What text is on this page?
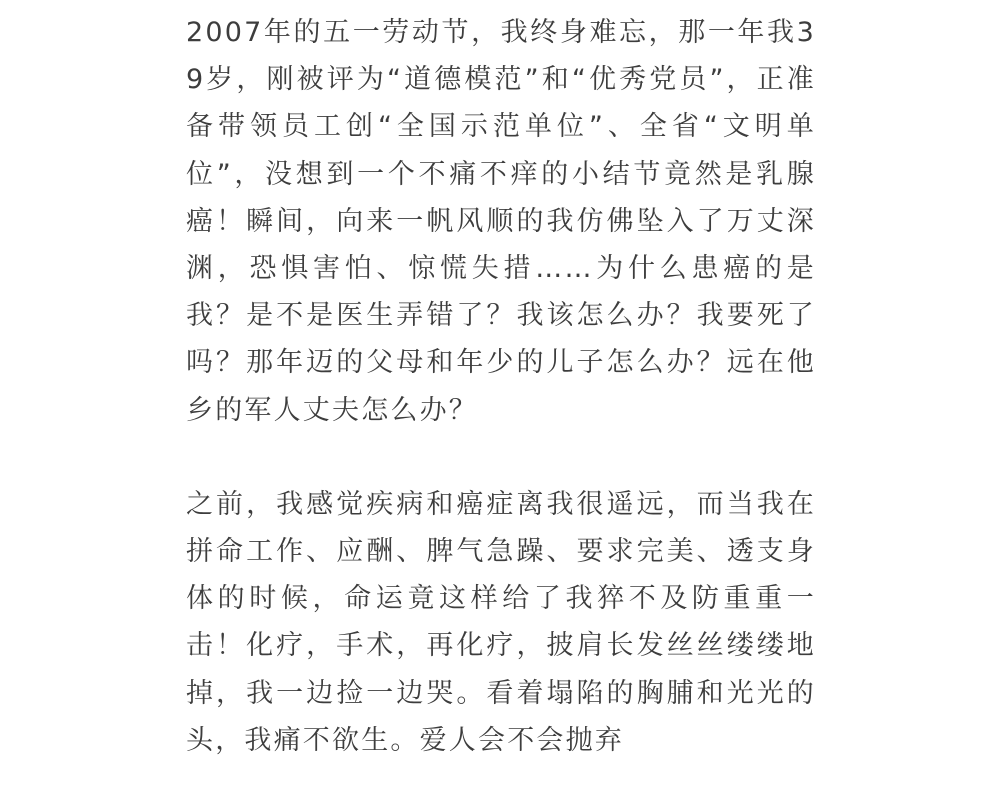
2007年的五一劳动节，我终身难忘，那一年我39岁，刚被评为“道德模范”和“优秀党员”，正准备带领员工创“全国示范单位”、全省“文明单位”，没想到一个不痛不痒的小结节竟然是乳腺癌！瞬间，向来一帆风顺的我仿佛坠入了万丈深渊，恐惧害怕、惊慌失措……为什么患癌的是我？是不是医生弄错了？我该怎么办？我要死了吗？那年迈的父母和年少的儿子怎么办？远在他乡的军人丈夫怎么办？

之前，我感觉疾病和癌症离我很遥远，而当我在拼命工作、应酬、脾气急躁、要求完美、透支身体的时候，命运竟这样给了我猝不及防重重一击！化疗，手术，再化疗，披肩长发丝丝缕缕地掉，我一边捡一边哭。看着塌陷的胸脯和光光的头，我痛不欲生。爱人会不会抛弃
